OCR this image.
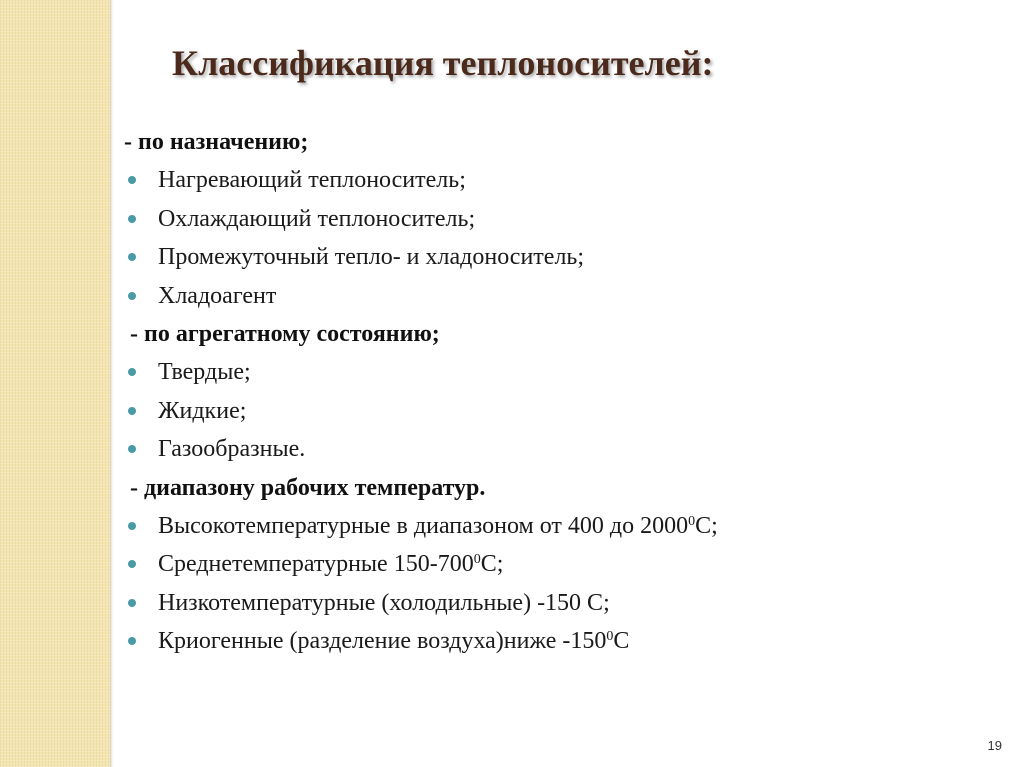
Классификация теплоносителей:
- по назначению;
Нагревающий теплоноситель;
Охлаждающий теплоноситель;
Промежуточный тепло- и хладоноситель;
Хладоагент
- по агрегатному состоянию;
Твердые;
Жидкие;
Газообразные.
- диапазону рабочих температур.
Высокотемпературные в диапазоном от 400 до 2000$^0$С;
Среднетемпературные $150-700^0С$;
Низкотемпературные (холодильные) -150 С;
Криогенные (разделение воздуха)ниже $-150^0С$
19
